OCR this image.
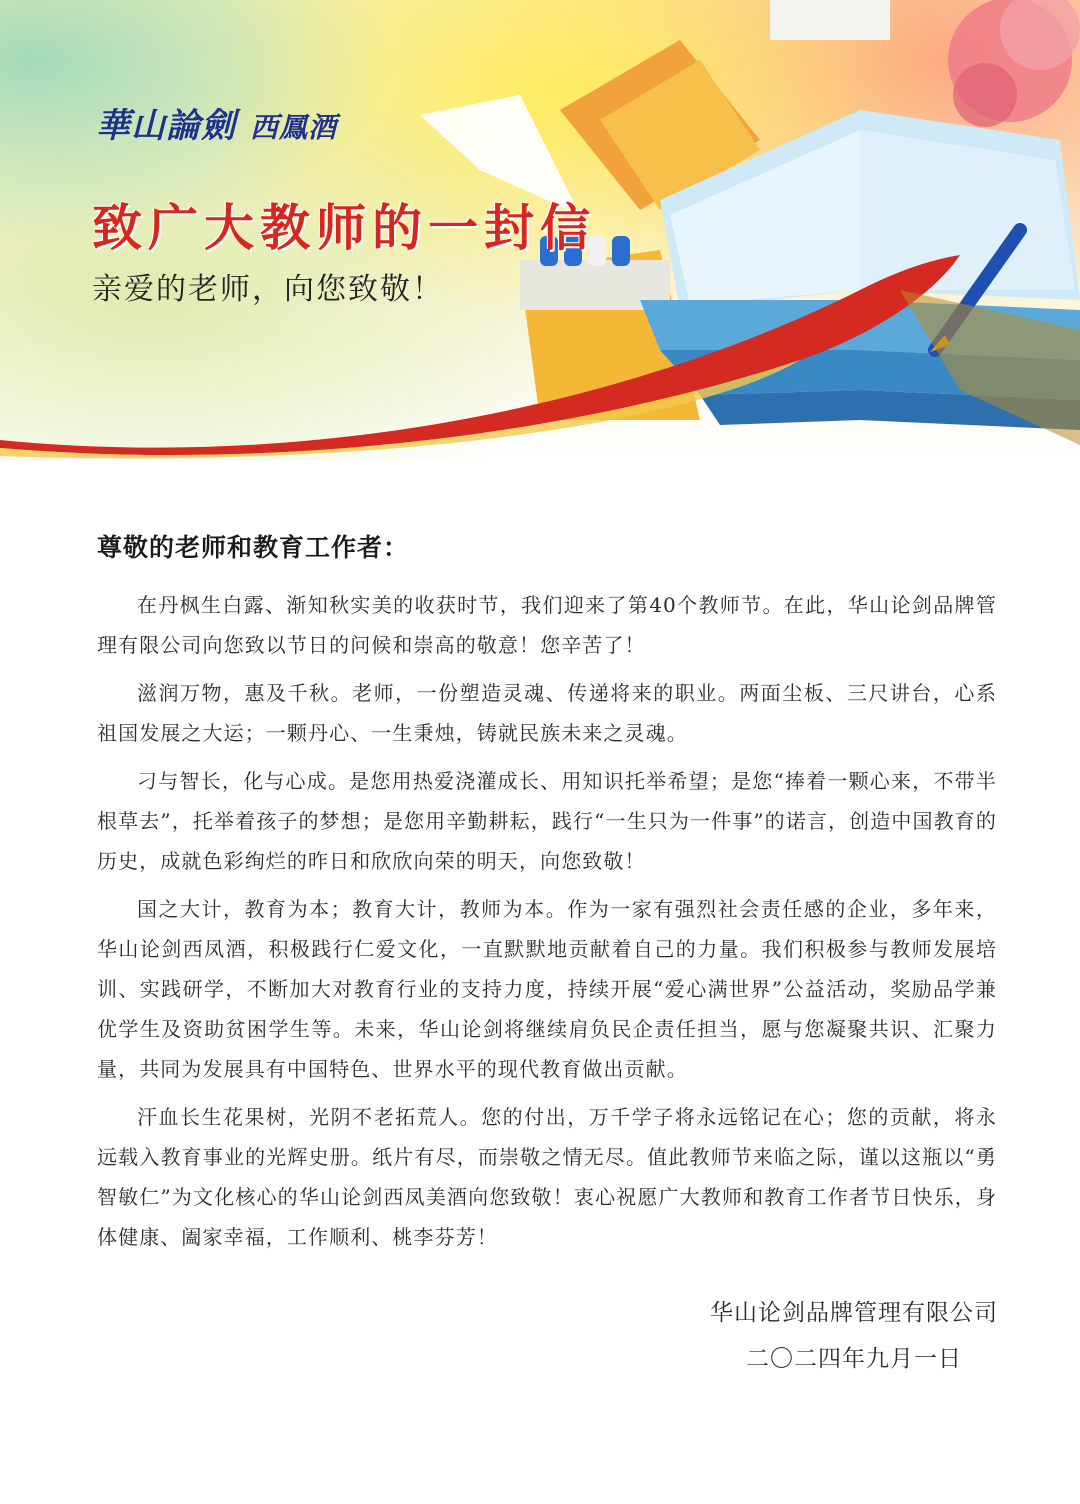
華山論劍 西鳳酒
致广大教师的一封信
亲爱的老师，向您致敬！
尊敬的老师和教育工作者：

在丹枫生白露、渐知秋实美的收获时节，我们迎来了第40个教师节。在此，华山论剑品牌管理有限公司向您致以节日的问候和崇高的敬意！您辛苦了！

滋润万物，惠及千秋。老师，一份塑造灵魂、传递将来的职业。两面尘板、三尺讲台，心系祖国发展之大运；一颗丹心、一生秉烛，铸就民族未来之灵魂。

刁与智长，化与心成。是您用热爱浇灌成长、用知识托举希望；是您“捧着一颗心来，不带半根草去”，托举着孩子的梦想；是您用辛勤耕耘，践行“一生只为一件事”的诺言，创造中国教育的历史，成就色彩绚烂的昨日和欣欣向荣的明天，向您致敬！

国之大计，教育为本；教育大计，教师为本。作为一家有强烈社会责任感的企业，多年来，华山论剑西凤酒，积极践行仁爱文化，一直默默地贡献着自己的力量。我们积极参与教师发展培训、实践研学，不断加大对教育行业的支持力度，持续开展“爱心满世界”公益活动，奖励品学兼优学生及资助贫困学生等。未来，华山论剑将继续肩负民企责任担当，愿与您凝聚共识、汇聚力量，共同为发展具有中国特色、世界水平的现代教育做出贡献。

汗血长生花果树，光阴不老拓荒人。您的付出，万千学子将永远铭记在心；您的贡献，将永远载入教育事业的光辉史册。纸片有尽，而崇敬之情无尽。值此教师节来临之际，谨以这瓶以“勇智敏仁”为文化核心的华山论剑西凤美酒向您致敬！衷心祝愿广大教师和教育工作者节日快乐，身体健康、阖家幸福，工作顺利、桃李芬芳！

华山论剑品牌管理有限公司
二〇二四年九月一日
